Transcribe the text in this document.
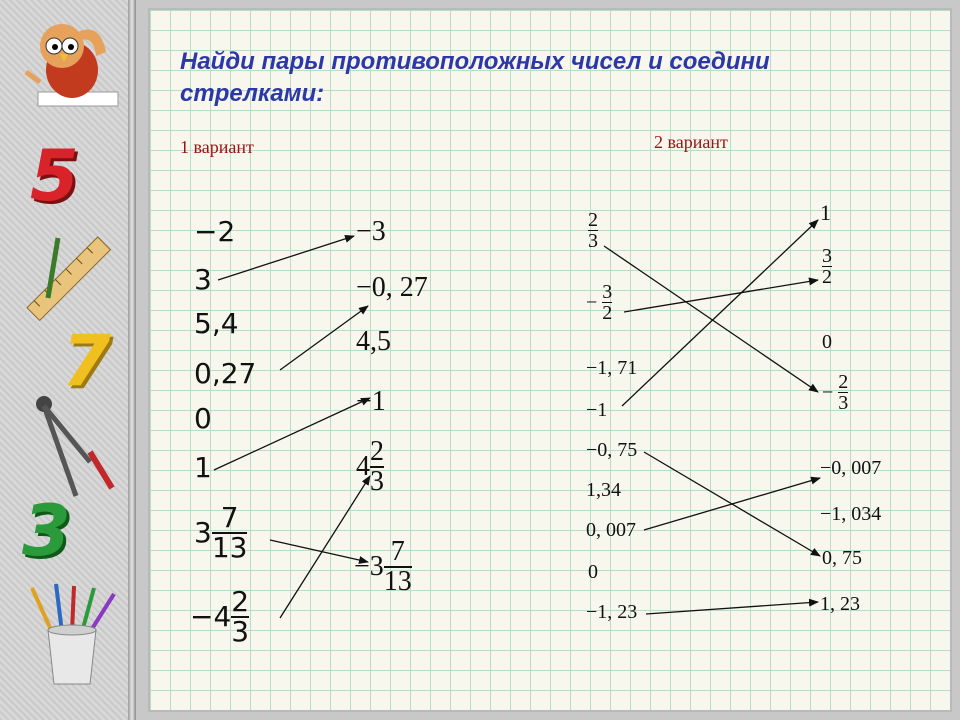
5
7
3
Найди пары противоположных чисел и соедини стрелками:
1 вариант	2 вариант
−2
3
5,4
0,27
0
1
$3 \frac{7}{13}$
$-4 \frac{2}{3}$
−3
−0, 27
4,5
−1
$4 \frac{2}{3}$
$-3 \frac{7}{13}$
$\frac{2}{3}$
− $\frac{3}{2}$
−1, 71
−1
−0, 75
1,34
0, 007
0
−1, 23
1
$\frac{3}{2}$
0
− $\frac{2}{3}$
−0, 007
−1, 034
0, 75
1, 23
